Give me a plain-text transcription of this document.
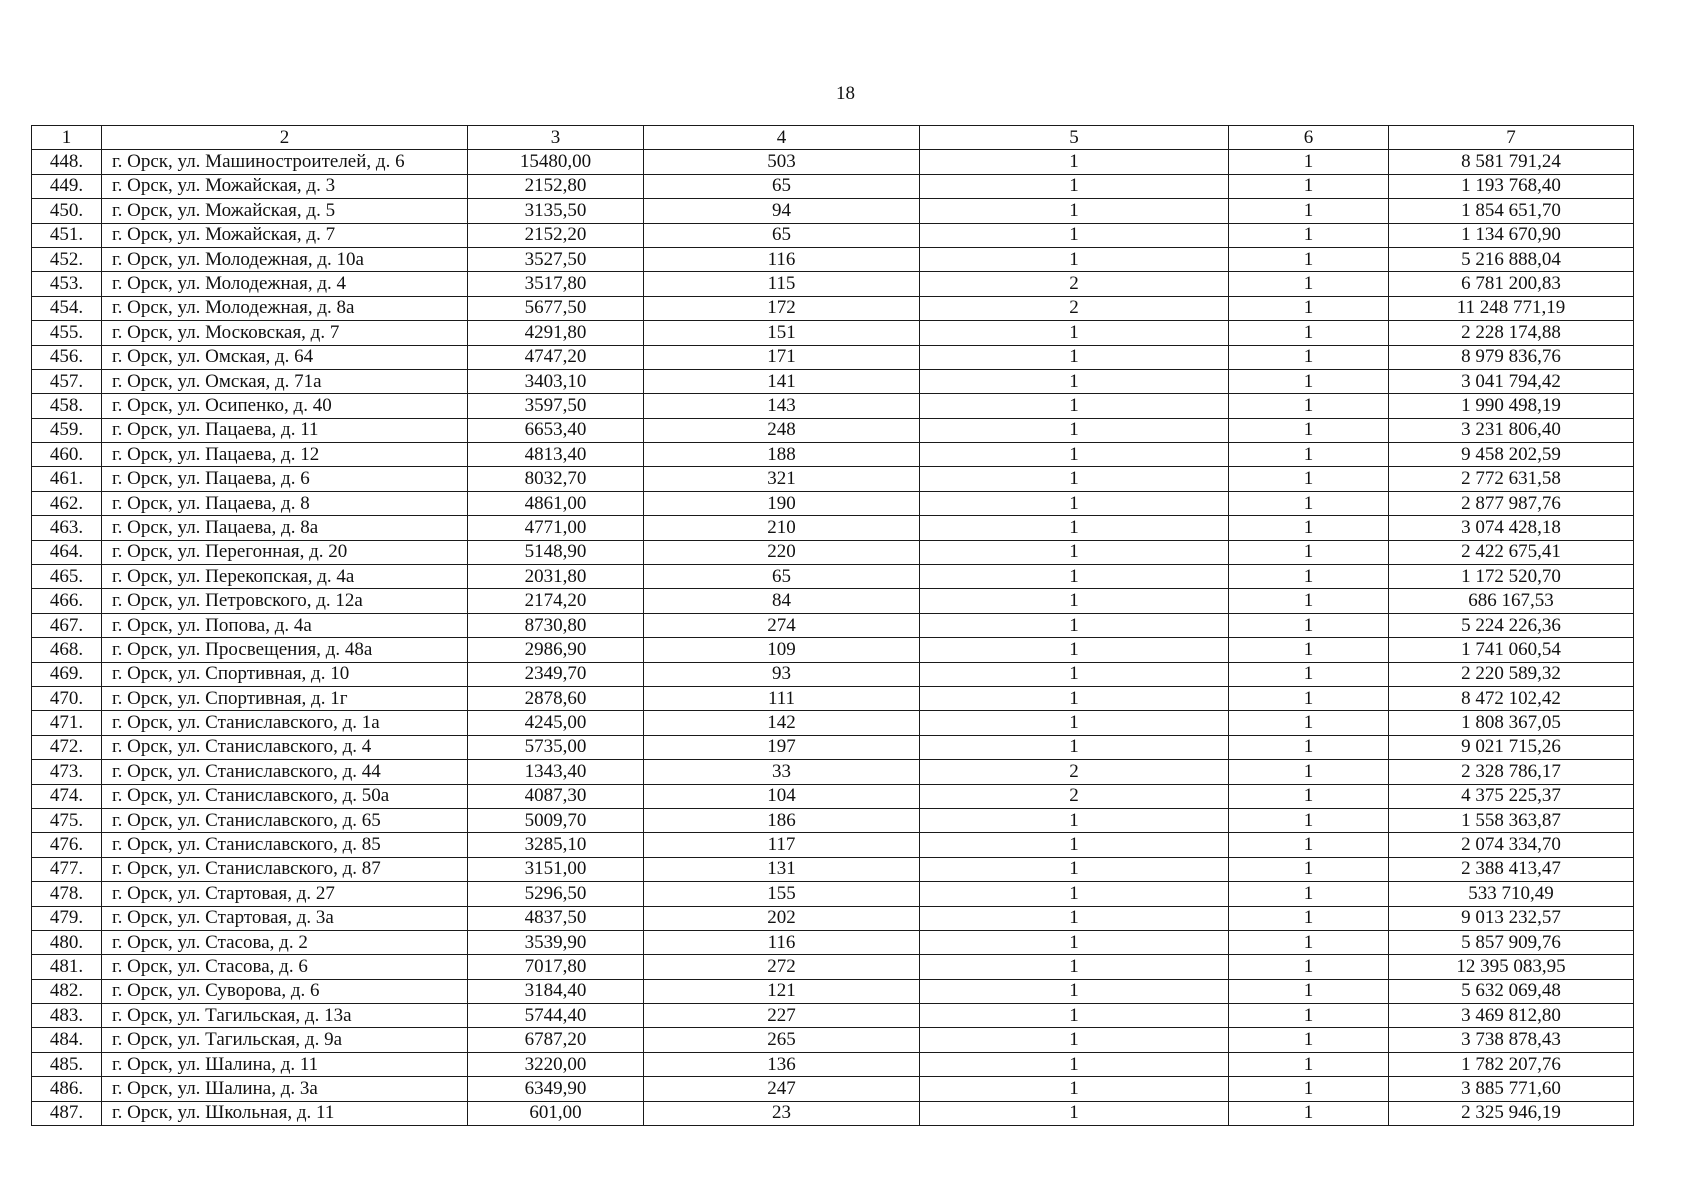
18
1	2	3	4	5	6	7
448.	г. Орск, ул. Машиностроителей, д. 6	15480,00	503	1	1	8 581 791,24
449.	г. Орск, ул. Можайская, д. 3	2152,80	65	1	1	1 193 768,40
450.	г. Орск, ул. Можайская, д. 5	3135,50	94	1	1	1 854 651,70
451.	г. Орск, ул. Можайская, д. 7	2152,20	65	1	1	1 134 670,90
452.	г. Орск, ул. Молодежная, д. 10а	3527,50	116	1	1	5 216 888,04
453.	г. Орск, ул. Молодежная, д. 4	3517,80	115	2	1	6 781 200,83
454.	г. Орск, ул. Молодежная, д. 8а	5677,50	172	2	1	11 248 771,19
455.	г. Орск, ул. Московская, д. 7	4291,80	151	1	1	2 228 174,88
456.	г. Орск, ул. Омская, д. 64	4747,20	171	1	1	8 979 836,76
457.	г. Орск, ул. Омская, д. 71а	3403,10	141	1	1	3 041 794,42
458.	г. Орск, ул. Осипенко, д. 40	3597,50	143	1	1	1 990 498,19
459.	г. Орск, ул. Пацаева, д. 11	6653,40	248	1	1	3 231 806,40
460.	г. Орск, ул. Пацаева, д. 12	4813,40	188	1	1	9 458 202,59
461.	г. Орск, ул. Пацаева, д. 6	8032,70	321	1	1	2 772 631,58
462.	г. Орск, ул. Пацаева, д. 8	4861,00	190	1	1	2 877 987,76
463.	г. Орск, ул. Пацаева, д. 8а	4771,00	210	1	1	3 074 428,18
464.	г. Орск, ул. Перегонная, д. 20	5148,90	220	1	1	2 422 675,41
465.	г. Орск, ул. Перекопская, д. 4а	2031,80	65	1	1	1 172 520,70
466.	г. Орск, ул. Петровского, д. 12а	2174,20	84	1	1	686 167,53
467.	г. Орск, ул. Попова, д. 4а	8730,80	274	1	1	5 224 226,36
468.	г. Орск, ул. Просвещения, д. 48а	2986,90	109	1	1	1 741 060,54
469.	г. Орск, ул. Спортивная, д. 10	2349,70	93	1	1	2 220 589,32
470.	г. Орск, ул. Спортивная, д. 1г	2878,60	111	1	1	8 472 102,42
471.	г. Орск, ул. Станиславского, д. 1а	4245,00	142	1	1	1 808 367,05
472.	г. Орск, ул. Станиславского, д. 4	5735,00	197	1	1	9 021 715,26
473.	г. Орск, ул. Станиславского, д. 44	1343,40	33	2	1	2 328 786,17
474.	г. Орск, ул. Станиславского, д. 50а	4087,30	104	2	1	4 375 225,37
475.	г. Орск, ул. Станиславского, д. 65	5009,70	186	1	1	1 558 363,87
476.	г. Орск, ул. Станиславского, д. 85	3285,10	117	1	1	2 074 334,70
477.	г. Орск, ул. Станиславского, д. 87	3151,00	131	1	1	2 388 413,47
478.	г. Орск, ул. Стартовая, д. 27	5296,50	155	1	1	533 710,49
479.	г. Орск, ул. Стартовая, д. 3а	4837,50	202	1	1	9 013 232,57
480.	г. Орск, ул. Стасова, д. 2	3539,90	116	1	1	5 857 909,76
481.	г. Орск, ул. Стасова, д. 6	7017,80	272	1	1	12 395 083,95
482.	г. Орск, ул. Суворова, д. 6	3184,40	121	1	1	5 632 069,48
483.	г. Орск, ул. Тагильская, д. 13а	5744,40	227	1	1	3 469 812,80
484.	г. Орск, ул. Тагильская, д. 9а	6787,20	265	1	1	3 738 878,43
485.	г. Орск, ул. Шалина, д. 11	3220,00	136	1	1	1 782 207,76
486.	г. Орск, ул. Шалина, д. 3а	6349,90	247	1	1	3 885 771,60
487.	г. Орск, ул. Школьная, д. 11	601,00	23	1	1	2 325 946,19
